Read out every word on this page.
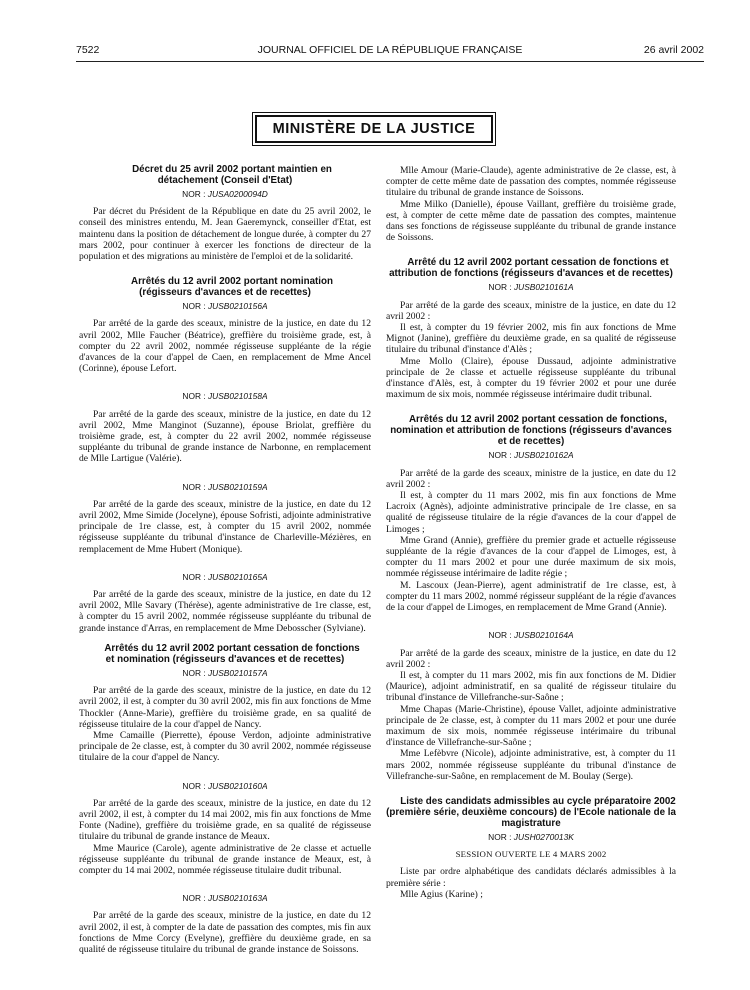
7522	JOURNAL OFFICIEL DE LA RÉPUBLIQUE FRANÇAISE	26 avril 2002
MINISTÈRE DE LA JUSTICE

Décret du 25 avril 2002 portant maintien en détachement (Conseil d'Etat)

NOR : JUSA0200094D

Par décret du Président de la République en date du 25 avril 2002, le conseil des ministres entendu, M. Jean Gaeremynck, conseiller d'Etat, est maintenu dans la position de détachement de longue durée, à compter du 27 mars 2002, pour continuer à exercer les fonctions de directeur de la population et des migrations au ministère de l'emploi et de la solidarité.

Arrêtés du 12 avril 2002 portant nomination (régisseurs d'avances et de recettes)

NOR : JUSB0210156A

Par arrêté de la garde des sceaux, ministre de la justice, en date du 12 avril 2002, Mlle Faucher (Béatrice), greffière du troisième grade, est, à compter du 22 avril 2002, nommée régisseuse suppléante de la régie d'avances de la cour d'appel de Caen, en remplacement de Mme Ancel (Corinne), épouse Lefort.

NOR : JUSB0210158A

Par arrêté de la garde des sceaux, ministre de la justice, en date du 12 avril 2002, Mme Manginot (Suzanne), épouse Briolat, greffière du troisième grade, est, à compter du 22 avril 2002, nommée régisseuse suppléante du tribunal de grande instance de Narbonne, en remplacement de Mlle Lartigue (Valérie).

NOR : JUSB0210159A

Par arrêté de la garde des sceaux, ministre de la justice, en date du 12 avril 2002, Mme Simide (Jocelyne), épouse Sofristi, adjointe administrative principale de 1re classe, est, à compter du 15 avril 2002, nommée régisseuse suppléante du tribunal d'instance de Charleville-Mézières, en remplacement de Mme Hubert (Monique).

NOR : JUSB0210165A

Par arrêté de la garde des sceaux, ministre de la justice, en date du 12 avril 2002, Mlle Savary (Thérèse), agente administrative de 1re classe, est, à compter du 15 avril 2002, nommée régisseuse suppléante du tribunal de grande instance d'Arras, en remplacement de Mme Debosscher (Sylviane).

Arrêtés du 12 avril 2002 portant cessation de fonctions et nomination (régisseurs d'avances et de recettes)

NOR : JUSB0210157A

Par arrêté de la garde des sceaux, ministre de la justice, en date du 12 avril 2002, il est, à compter du 30 avril 2002, mis fin aux fonctions de Mme Thockler (Anne-Marie), greffière du troisième grade, en sa qualité de régisseuse titulaire de la cour d'appel de Nancy.

Mme Camaille (Pierrette), épouse Verdon, adjointe administrative principale de 2e classe, est, à compter du 30 avril 2002, nommée régisseuse titulaire de la cour d'appel de Nancy.

NOR : JUSB0210160A

Par arrêté de la garde des sceaux, ministre de la justice, en date du 12 avril 2002, il est, à compter du 14 mai 2002, mis fin aux fonctions de Mme Fonte (Nadine), greffière du troisième grade, en sa qualité de régisseuse titulaire du tribunal de grande instance de Meaux.

Mme Maurice (Carole), agente administrative de 2e classe et actuelle régisseuse suppléante du tribunal de grande instance de Meaux, est, à compter du 14 mai 2002, nommée régisseuse titulaire dudit tribunal.

NOR : JUSB0210163A

Par arrêté de la garde des sceaux, ministre de la justice, en date du 12 avril 2002, il est, à compter de la date de passation des comptes, mis fin aux fonctions de Mme Corcy (Evelyne), greffière du deuxième grade, en sa qualité de régisseuse titulaire du tribunal de grande instance de Soissons.

Mlle Amour (Marie-Claude), agente administrative de 2e classe, est, à compter de cette même date de passation des comptes, nommée régisseuse titulaire du tribunal de grande instance de Soissons.

Mme Milko (Danielle), épouse Vaillant, greffière du troisième grade, est, à compter de cette même date de passation des comptes, maintenue dans ses fonctions de régisseuse suppléante du tribunal de grande instance de Soissons.

Arrêté du 12 avril 2002 portant cessation de fonctions et attribution de fonctions (régisseurs d'avances et de recettes)

NOR : JUSB0210161A

Par arrêté de la garde des sceaux, ministre de la justice, en date du 12 avril 2002 :

Il est, à compter du 19 février 2002, mis fin aux fonctions de Mme Mignot (Janine), greffière du deuxième grade, en sa qualité de régisseuse titulaire du tribunal d'instance d'Alès ;

Mme Mollo (Claire), épouse Dussaud, adjointe administrative principale de 2e classe et actuelle régisseuse suppléante du tribunal d'instance d'Alès, est, à compter du 19 février 2002 et pour une durée maximum de six mois, nommée régisseuse intérimaire dudit tribunal.

Arrêtés du 12 avril 2002 portant cessation de fonctions, nomination et attribution de fonctions (régisseurs d'avances et de recettes)

NOR : JUSB0210162A

Par arrêté de la garde des sceaux, ministre de la justice, en date du 12 avril 2002 :

Il est, à compter du 11 mars 2002, mis fin aux fonctions de Mme Lacroix (Agnès), adjointe administrative principale de 1re classe, en sa qualité de régisseuse titulaire de la régie d'avances de la cour d'appel de Limoges ;

Mme Grand (Annie), greffière du premier grade et actuelle régisseuse suppléante de la régie d'avances de la cour d'appel de Limoges, est, à compter du 11 mars 2002 et pour une durée maximum de six mois, nommée régisseuse intérimaire de ladite régie ;

M. Lascoux (Jean-Pierre), agent administratif de 1re classe, est, à compter du 11 mars 2002, nommé régisseur suppléant de la régie d'avances de la cour d'appel de Limoges, en remplacement de Mme Grand (Annie).

NOR : JUSB0210164A

Par arrêté de la garde des sceaux, ministre de la justice, en date du 12 avril 2002 :

Il est, à compter du 11 mars 2002, mis fin aux fonctions de M. Didier (Maurice), adjoint administratif, en sa qualité de régisseur titulaire du tribunal d'instance de Villefranche-sur-Saône ;

Mme Chapas (Marie-Christine), épouse Vallet, adjointe administrative principale de 2e classe, est, à compter du 11 mars 2002 et pour une durée maximum de six mois, nommée régisseuse intérimaire du tribunal d'instance de Villefranche-sur-Saône ;

Mme Lefèbvre (Nicole), adjointe administrative, est, à compter du 11 mars 2002, nommée régisseuse suppléante du tribunal d'instance de Villefranche-sur-Saône, en remplacement de M. Boulay (Serge).

Liste des candidats admissibles au cycle préparatoire 2002 (première série, deuxième concours) de l'Ecole nationale de la magistrature

NOR : JUSH0270013K
SESSION OUVERTE LE 4 MARS 2002

Liste par ordre alphabétique des candidats déclarés admissibles à la première série :

Mlle Agius (Karine) ;
